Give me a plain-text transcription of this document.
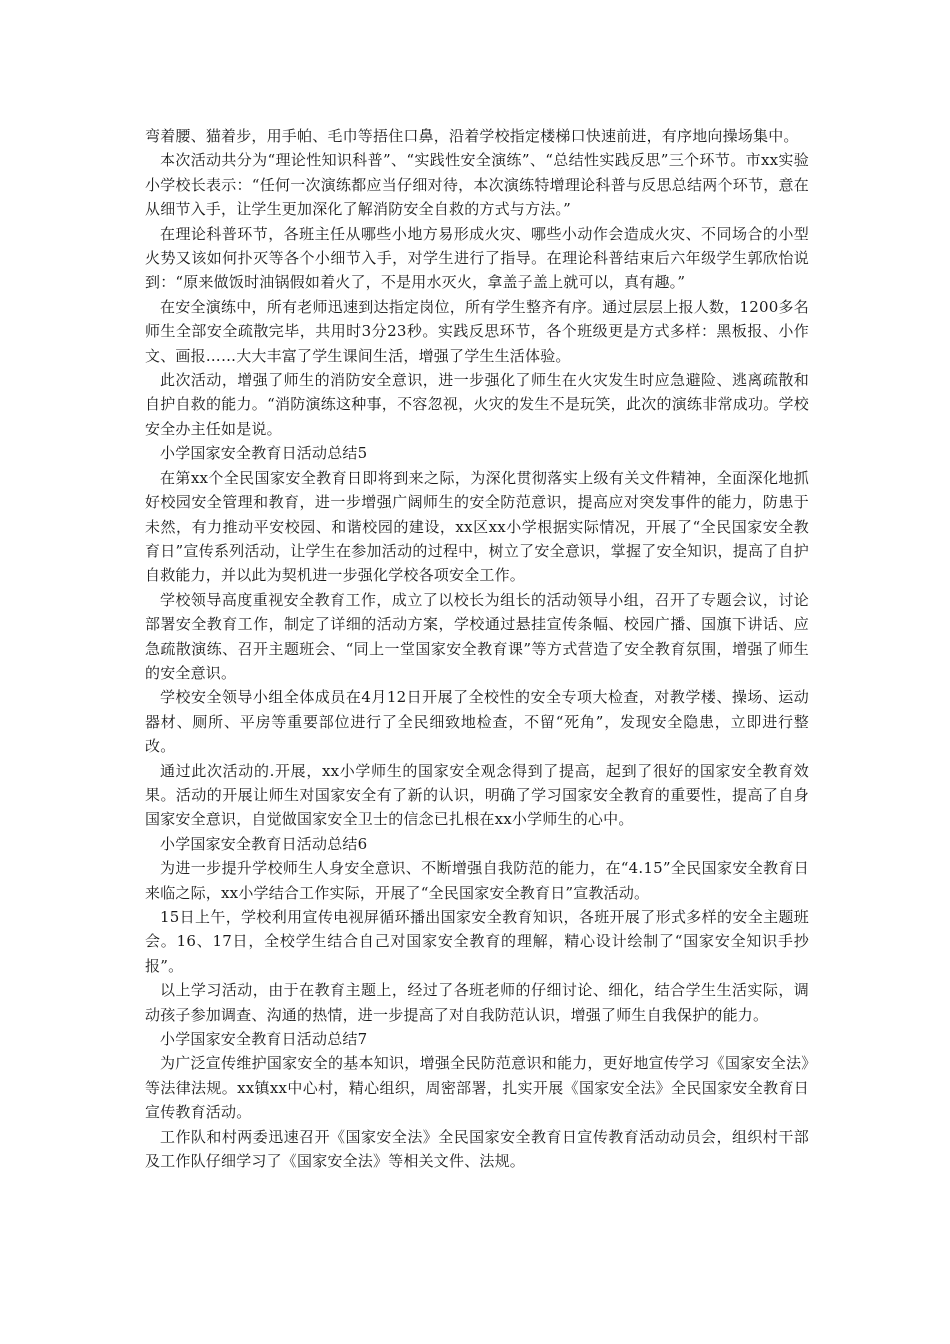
弯着腰、猫着步，用手帕、毛巾等捂住口鼻，沿着学校指定楼梯口快速前进，有序地向操场集中。

本次活动共分为“理论性知识科普”、“实践性安全演练”、“总结性实践反思”三个环节。市xx实验小学校长表示：“任何一次演练都应当仔细对待，本次演练特增理论科普与反思总结两个环节，意在从细节入手，让学生更加深化了解消防安全自救的方式与方法。”

在理论科普环节，各班主任从哪些小地方易形成火灾、哪些小动作会造成火灾、不同场合的小型火势又该如何扑灭等各个小细节入手，对学生进行了指导。在理论科普结束后六年级学生郭欣怡说到：“原来做饭时油锅假如着火了，不是用水灭火，拿盖子盖上就可以，真有趣。”

在安全演练中，所有老师迅速到达指定岗位，所有学生整齐有序。通过层层上报人数，1200多名师生全部安全疏散完毕，共用时3分23秒。实践反思环节，各个班级更是方式多样：黑板报、小作文、画报……大大丰富了学生课间生活，增强了学生生活体验。

此次活动，增强了师生的消防安全意识，进一步强化了师生在火灾发生时应急避险、逃离疏散和自护自救的能力。“消防演练这种事，不容忽视，火灾的发生不是玩笑，此次的演练非常成功。学校安全办主任如是说。

小学国家安全教育日活动总结5

在第xx个全民国家安全教育日即将到来之际，为深化贯彻落实上级有关文件精神，全面深化地抓好校园安全管理和教育，进一步增强广阔师生的安全防范意识，提高应对突发事件的能力，防患于未然，有力推动平安校园、和谐校园的建设，xx区xx小学根据实际情况，开展了“全民国家安全教育日”宣传系列活动，让学生在参加活动的过程中，树立了安全意识，掌握了安全知识，提高了自护自救能力，并以此为契机进一步强化学校各项安全工作。

学校领导高度重视安全教育工作，成立了以校长为组长的活动领导小组，召开了专题会议，讨论部署安全教育工作，制定了详细的活动方案，学校通过悬挂宣传条幅、校园广播、国旗下讲话、应急疏散演练、召开主题班会、“同上一堂国家安全教育课”等方式营造了安全教育氛围，增强了师生的安全意识。

学校安全领导小组全体成员在4月12日开展了全校性的安全专项大检查，对教学楼、操场、运动器材、厕所、平房等重要部位进行了全民细致地检查，不留“死角”，发现安全隐患，立即进行整改。

通过此次活动的.开展，xx小学师生的国家安全观念得到了提高，起到了很好的国家安全教育效果。活动的开展让师生对国家安全有了新的认识，明确了学习国家安全教育的重要性，提高了自身国家安全意识，自觉做国家安全卫士的信念已扎根在xx小学师生的心中。

小学国家安全教育日活动总结6

为进一步提升学校师生人身安全意识、不断增强自我防范的能力，在“4.15”全民国家安全教育日来临之际，xx小学结合工作实际，开展了“全民国家安全教育日”宣教活动。

15日上午，学校利用宣传电视屏循环播出国家安全教育知识，各班开展了形式多样的安全主题班会。16、17日，全校学生结合自己对国家安全教育的理解，精心设计绘制了“国家安全知识手抄报”。

以上学习活动，由于在教育主题上，经过了各班老师的仔细讨论、细化，结合学生生活实际，调动孩子参加调查、沟通的热情，进一步提高了对自我防范认识，增强了师生自我保护的能力。

小学国家安全教育日活动总结7

为广泛宣传维护国家安全的基本知识，增强全民防范意识和能力，更好地宣传学习《国家安全法》等法律法规。xx镇xx中心村，精心组织，周密部署，扎实开展《国家安全法》全民国家安全教育日宣传教育活动。

工作队和村两委迅速召开《国家安全法》全民国家安全教育日宣传教育活动动员会，组织村干部及工作队仔细学习了《国家安全法》等相关文件、法规。
